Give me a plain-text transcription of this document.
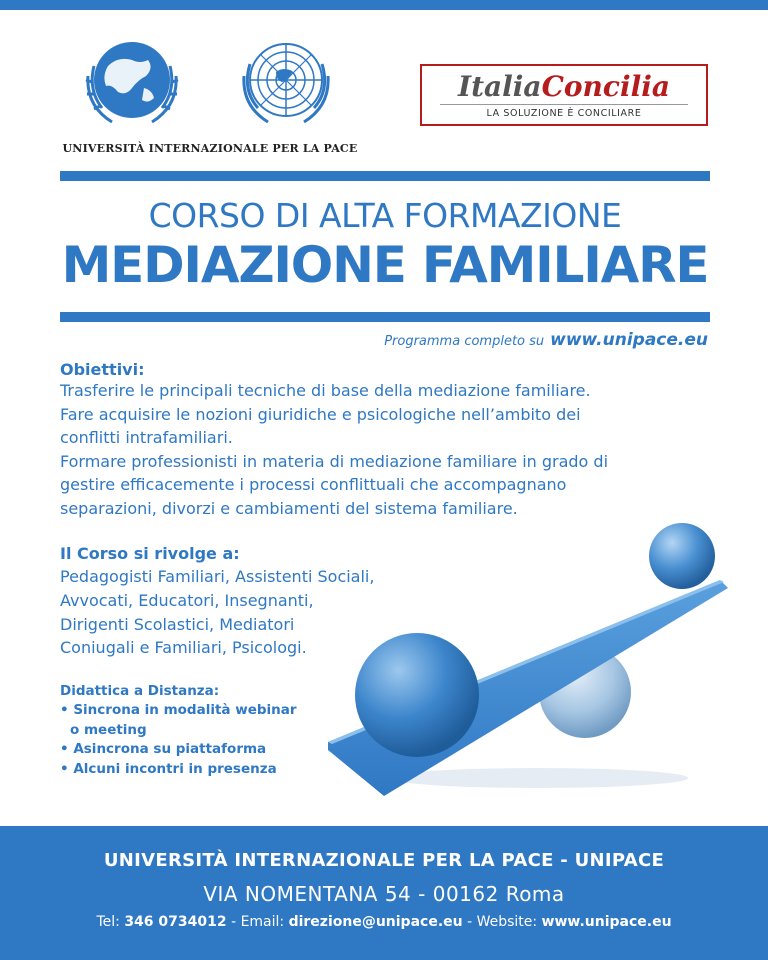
UNIVERSITÀ INTERNAZIONALE PER LA PACE
ItaliaConcilia
LA SOLUZIONE È CONCILIARE
CORSO DI ALTA FORMAZIONE
MEDIAZIONE FAMILIARE
Programma completo su www.unipace.eu
Obiettivi:
Trasferire le principali tecniche di base della mediazione familiare.
Fare acquisire le nozioni giuridiche e psicologiche nell’ambito dei
conflitti intrafamiliari.
Formare professionisti in materia di mediazione familiare in grado di
gestire efficacemente i processi conflittuali che accompagnano
separazioni, divorzi e cambiamenti del sistema familiare.
Il Corso si rivolge a:
Pedagogisti Familiari, Assistenti Sociali,
Avvocati, Educatori, Insegnanti,
Dirigenti Scolastici, Mediatori
Coniugali e Familiari, Psicologi.
Didattica a Distanza:
• Sincrona in modalità webinar o meeting
• Asincrona su piattaforma
• Alcuni incontri in presenza
UNIVERSITÀ INTERNAZIONALE PER LA PACE - UNIPACE
VIA NOMENTANA 54 - 00162 Roma
Tel: 346 0734012 - Email: direzione@unipace.eu - Website: www.unipace.eu
